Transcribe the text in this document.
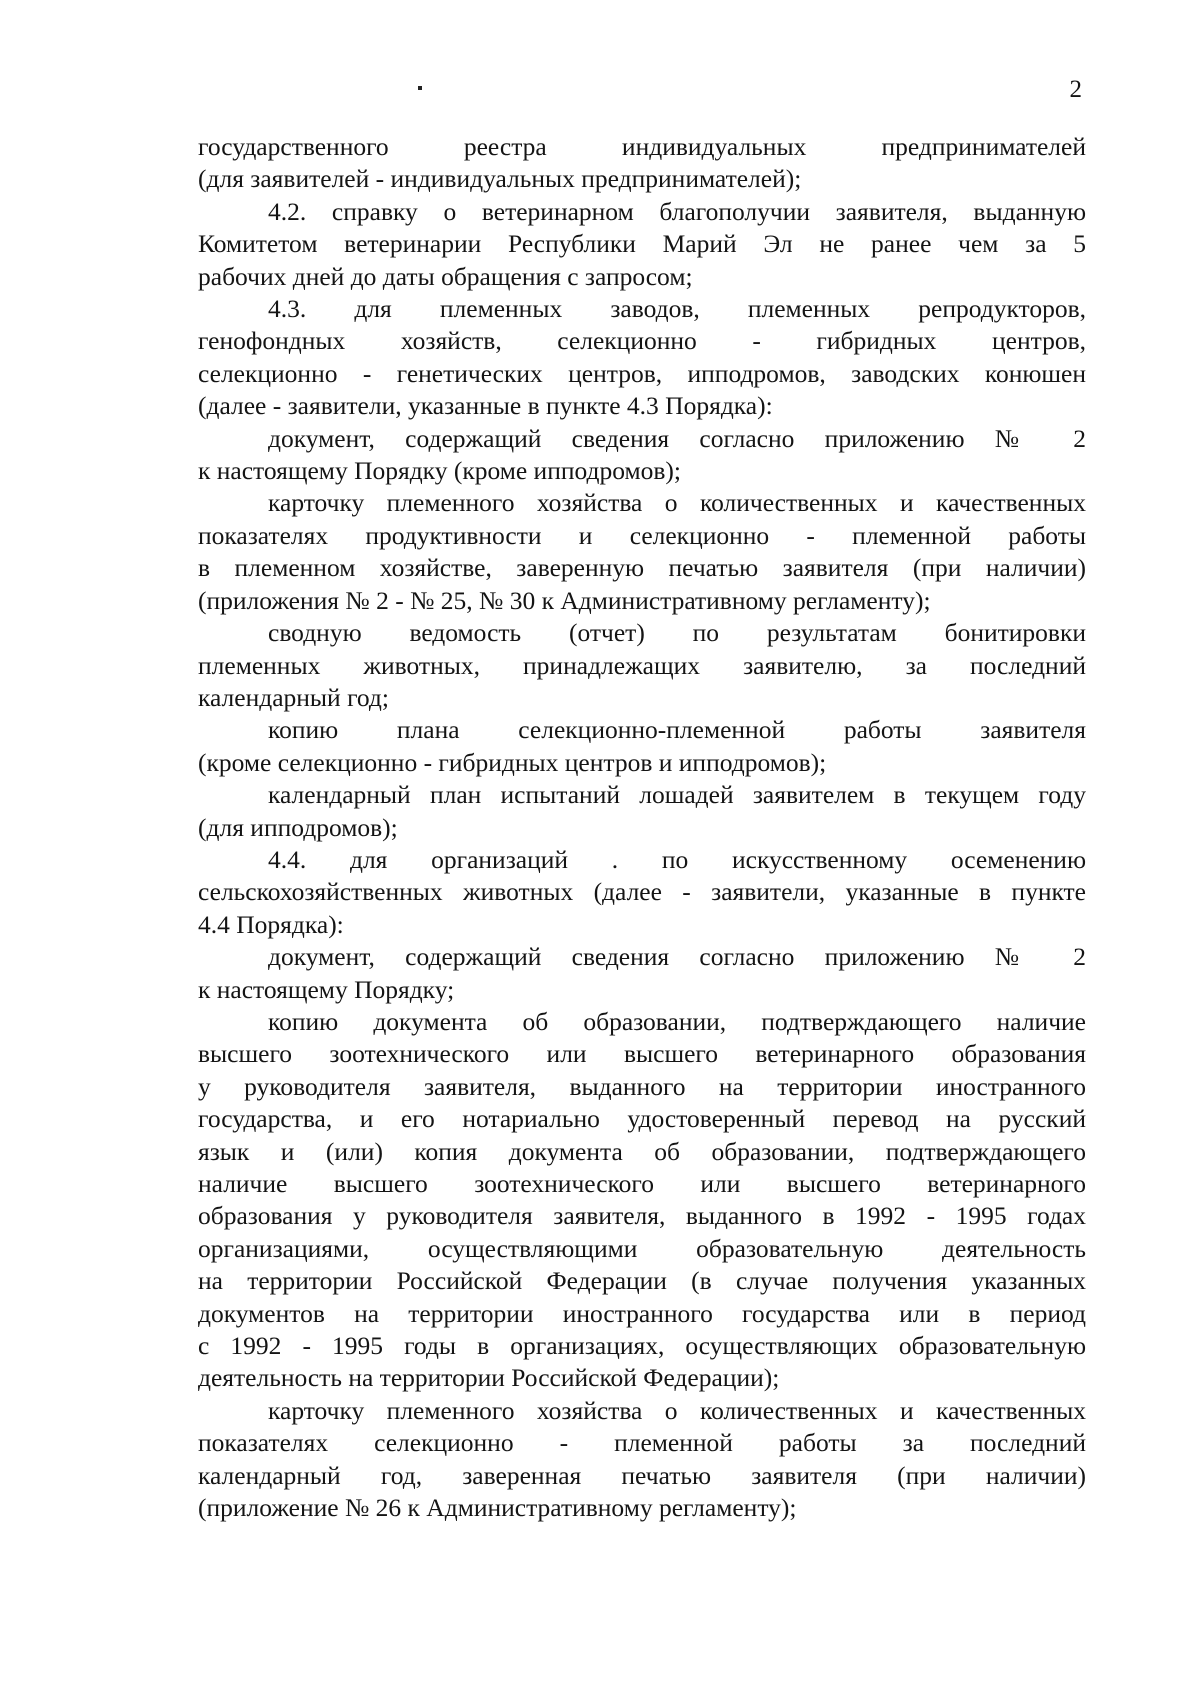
2
государственного реестра индивидуальных предпринимателей
(для заявителей - индивидуальных предпринимателей);
4.2. справку о ветеринарном благополучии заявителя, выданную
Комитетом ветеринарии Республики Марий Эл не ранее чем за 5
рабочих дней до даты обращения с запросом;
4.3. для племенных заводов, племенных репродукторов,
генофондных хозяйств, селекционно - гибридных центров,
селекционно - генетических центров, ипподромов, заводских конюшен
(далее - заявители, указанные в пункте 4.3 Порядка):
документ, содержащий сведения согласно приложению № 2
к настоящему Порядку (кроме ипподромов);
карточку племенного хозяйства о количественных и качественных
показателях продуктивности и селекционно - племенной работы
в племенном хозяйстве, заверенную печатью заявителя (при наличии)
(приложения № 2 - № 25, № 30 к Административному регламенту);
сводную ведомость (отчет) по результатам бонитировки
племенных животных, принадлежащих заявителю, за последний
календарный год;
копию плана селекционно-племенной работы заявителя
(кроме селекционно - гибридных центров и ипподромов);
календарный план испытаний лошадей заявителем в текущем году
(для ипподромов);
4.4. для организаций . по искусственному осеменению
сельскохозяйственных животных (далее - заявители, указанные в пункте
4.4 Порядка):
документ, содержащий сведения согласно приложению № 2
к настоящему Порядку;
копию документа об образовании, подтверждающего наличие
высшего зоотехнического или высшего ветеринарного образования
у руководителя заявителя, выданного на территории иностранного
государства, и его нотариально удостоверенный перевод на русский
язык и (или) копия документа об образовании, подтверждающего
наличие высшего зоотехнического или высшего ветеринарного
образования у руководителя заявителя, выданного в 1992 - 1995 годах
организациями, осуществляющими образовательную деятельность
на территории Российской Федерации (в случае получения указанных
документов на территории иностранного государства или в период
с 1992 - 1995 годы в организациях, осуществляющих образовательную
деятельность на территории Российской Федерации);
карточку племенного хозяйства о количественных и качественных
показателях селекционно - племенной работы за последний
календарный год, заверенная печатью заявителя (при наличии)
(приложение № 26 к Административному регламенту);
